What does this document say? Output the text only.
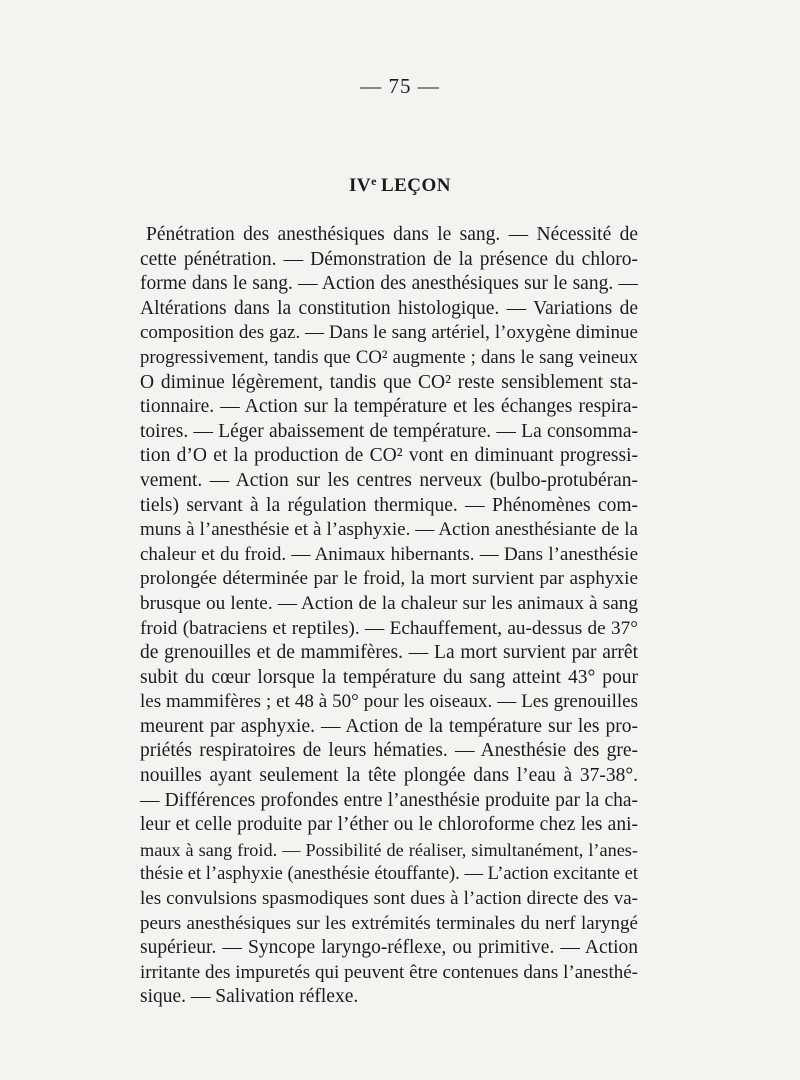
— 75 —
IVe LEÇON
Pénétration des anesthésiques dans le sang. — Nécessité de
cette pénétration. — Démonstration de la présence du chloro-
forme dans le sang. — Action des anesthésiques sur le sang. —
Altérations dans la constitution histologique. — Variations de
composition des gaz. — Dans le sang artériel, l’oxygène diminue
progressivement, tandis que CO² augmente ; dans le sang veineux
O diminue légèrement, tandis que CO² reste sensiblement sta-
tionnaire. — Action sur la température et les échanges respira-
toires. — Léger abaissement de température. — La consomma-
tion d’O et la production de CO² vont en diminuant progressi-
vement. — Action sur les centres nerveux (bulbo-protubéran-
tiels) servant à la régulation thermique. — Phénomènes com-
muns à l’anesthésie et à l’asphyxie. — Action anesthésiante de la
chaleur et du froid. — Animaux hibernants. — Dans l’anesthésie
prolongée déterminée par le froid, la mort survient par asphyxie
brusque ou lente. — Action de la chaleur sur les animaux à sang
froid (batraciens et reptiles). — Echauffement, au-dessus de 37°
de grenouilles et de mammifères. — La mort survient par arrêt
subit du cœur lorsque la température du sang atteint 43° pour
les mammifères ; et 48 à 50° pour les oiseaux. — Les grenouilles
meurent par asphyxie. — Action de la température sur les pro-
priétés respiratoires de leurs hématies. — Anesthésie des gre-
nouilles ayant seulement la tête plongée dans l’eau à 37-38°.
— Différences profondes entre l’anesthésie produite par la cha-
leur et celle produite par l’éther ou le chloroforme chez les ani-
maux à sang froid. — Possibilité de réaliser, simultanément, l’anes-
thésie et l’asphyxie (anesthésie étouffante). — L’action excitante et
les convulsions spasmodiques sont dues à l’action directe des va-
peurs anesthésiques sur les extrémités terminales du nerf laryngé
supérieur. — Syncope laryngo-réflexe, ou primitive. — Action
irritante des impuretés qui peuvent être contenues dans l’anesthé-
sique. — Salivation réflexe.
